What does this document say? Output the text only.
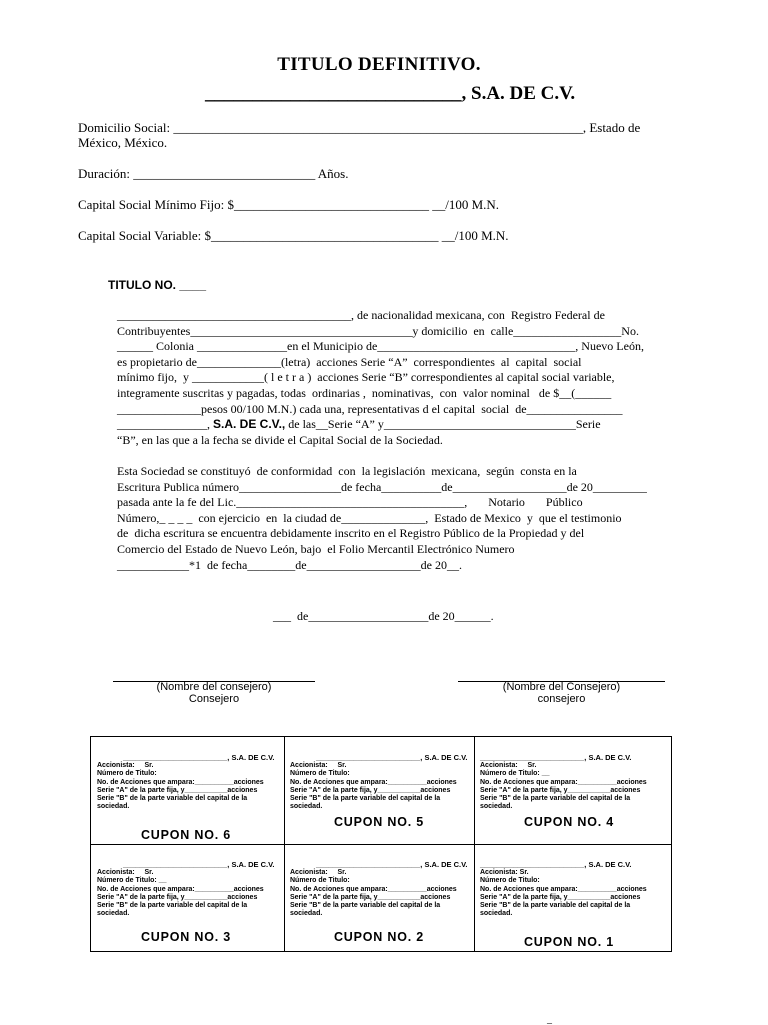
TITULO DEFINITIVO.
___________________________, S.A. DE C.V.
Domicilio Social: _______________________________________________________________, Estado de
México, México.
Duración: ____________________________ Años.
Capital Social Mínimo Fijo: $______________________________ __/100 M.N.
Capital Social Variable: $___________________________________ __/100 M.N.
TITULO NO. ____

_______________________________________, de nacionalidad mexicana, con  Registro Federal de

Contribuyentes_____________________________________y domicilio  en  calle__________________No.

______ Colonia _______________en el Municipio de_________________________________, Nuevo León,

es propietario de______________(letra)  acciones Serie “A”  correspondientes  al  capital  social

mínimo fijo,  y ____________( l e t r a )  acciones Serie “B” correspondientes al capital social variable,

integramente suscritas y pagadas, todas  ordinarias ,  nominativas,  con  valor nominal   de $__(______

______________pesos 00/100 M.N.) cada una, representativas d el capital  social  de________________

_______________, S.A. DE C.V., de las__Serie “A” y________________________________Serie

“B”, en las que a la fecha se divide el Capital Social de la Sociedad.

Esta Sociedad se constituyó  de conformidad  con  la legislación  mexicana,  según  consta en la

Escritura Publica número_________________de fecha__________de___________________de 20_________

pasada ante la fe del Lic.______________________________________,       Notario       Público

Número,_ _ _ _  con ejercicio  en  la ciudad de______________,  Estado de Mexico  y  que el testimonio

de  dicha escritura se encuentra debidamente inscrito en el Registro Público de la Propiedad y del

Comercio del Estado de Nuevo León, bajo  el Folio Mercantil Electrónico Numero

____________*1  de fecha________de___________________de 20__.

___  de____________________de 20______.
(Nombre del consejero)
Consejero
(Nombre del Consejero)
consejero
_________________________, S.A. DE C.V.
Accionista:     Sr.
Número de Titulo:
No. de Acciones que ampara:__________acciones
Serie "A" de la parte fija, y___________acciones
Serie "B" de la parte variable del capital de la
sociedad.
CUPON NO. 6
_________________________, S.A. DE C.V.
Accionista:     Sr.
Número de Titulo:
No. de Acciones que ampara:__________acciones
Serie "A" de la parte fija, y___________acciones
Serie "B" de la parte variable del capital de la
sociedad.
CUPON NO. 5
_________________________, S.A. DE C.V.
Accionista:     Sr.
Número de Titulo: __
No. de Acciones que ampara:__________acciones
Serie "A" de la parte fija, y___________acciones
Serie "B" de la parte variable del capital de la
sociedad.
CUPON NO. 4
_________________________, S.A. DE C.V.
Accionista:     Sr.
Número de Titulo: __
No. de Acciones que ampara:__________acciones
Serie "A" de la parte fija, y___________acciones
Serie "B" de la parte variable del capital de la
sociedad.
CUPON NO. 3
_________________________, S.A. DE C.V.
Accionista:     Sr.
Número de Titulo:
No. de Acciones que ampara:__________acciones
Serie "A" de la parte fija, y___________acciones
Serie "B" de la parte variable del capital de la
sociedad.
CUPON NO. 2
_________________________, S.A. DE C.V.
Accionista: Sr.
Número de Titulo:
No. de Acciones que ampara:__________acciones
Serie "A" de la parte fija, y___________acciones
Serie "B" de la parte variable del capital de la
sociedad.
CUPON NO. 1
_
